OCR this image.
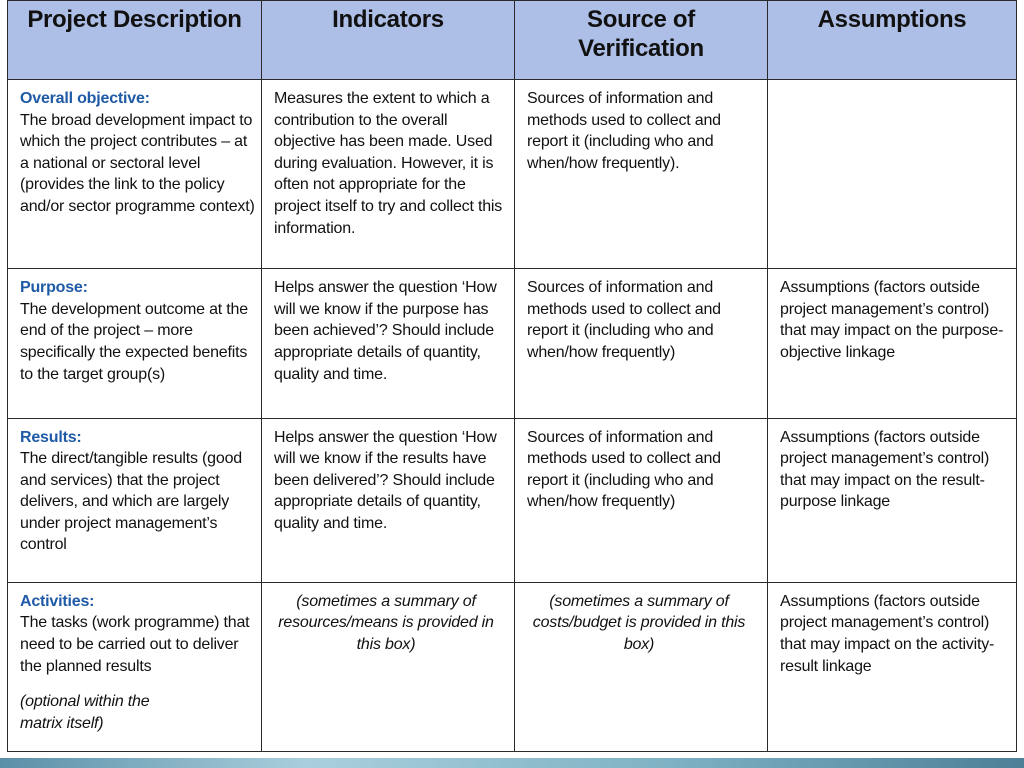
Project Description	Indicators	Source of Verification	Assumptions

Overall objective:
The broad development impact to which the project contributes – at a national or sectoral level (provides the link to the policy and/or sector programme context)	Measures the extent to which a contribution to the overall objective has been made. Used during evaluation. However, it is often not appropriate for the project itself to try and collect this information.	Sources of information and methods used to collect and report it (including who and when/how frequently).	

Purpose:
The development outcome at the end of the project – more specifically the expected benefits to the target group(s)	Helps answer the question ‘How will we know if the purpose has been achieved’? Should include appropriate details of quantity, quality and time.	Sources of information and methods used to collect and report it (including who and when/how frequently)	Assumptions (factors outside project management’s control) that may impact on the purpose-objective linkage

Results:
The direct/tangible results (good and services) that the project delivers, and which are largely under project management’s control	Helps answer the question ‘How will we know if the results have been delivered’? Should include appropriate details of quantity, quality and time.	Sources of information and methods used to collect and report it (including who and when/how frequently)	Assumptions (factors outside project management’s control) that may impact on the result-purpose linkage

Activities:
The tasks (work programme) that need to be carried out to deliver the planned results
(optional within the matrix itself)	(sometimes a summary of resources/means is provided in this box)	(sometimes a summary of costs/budget is provided in this box)	Assumptions (factors outside project management’s control) that may impact on the activity-result linkage
